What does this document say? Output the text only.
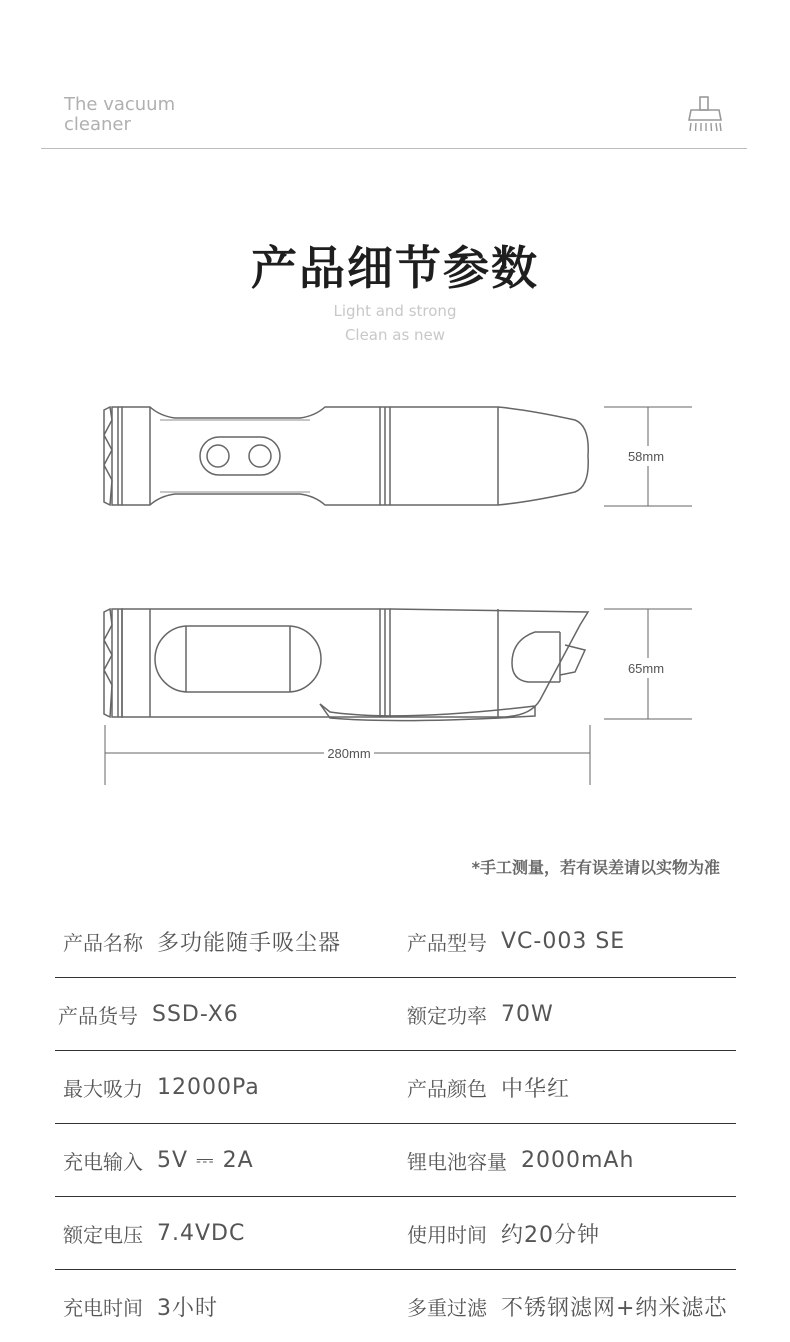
The vacuum
cleaner
产品细节参数
Light and strong
Clean as new
58mm
65mm
280mm
*手工测量，若有误差请以实物为准
产品名称 多功能随手吸尘器	产品型号 VC-003 SE
产品货号 SSD-X6	额定功率 70W
最大吸力 12000Pa	产品颜色 中华红
充电输入 5V ⎓ 2A	锂电池容量 2000mAh
额定电压 7.4VDC	使用时间 约20分钟
充电时间 3小时	多重过滤 不锈钢滤网+纳米滤芯
